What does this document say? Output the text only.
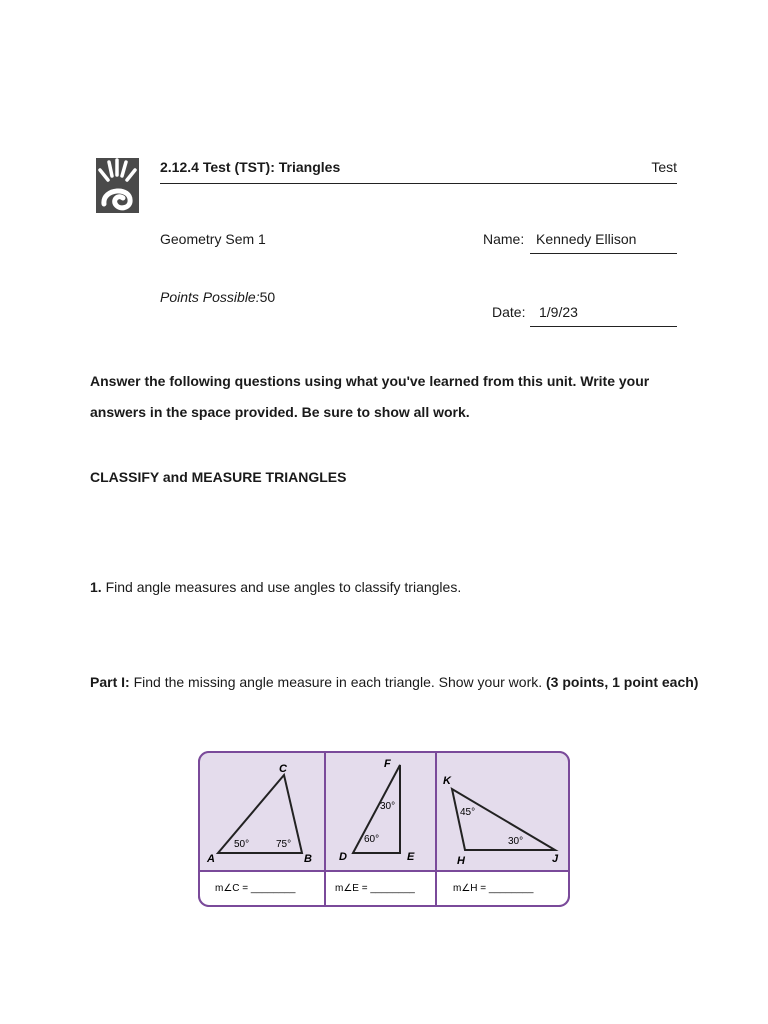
2.12.4 Test (TST): Triangles	Test
Geometry Sem 1	Name: Kennedy Ellison
Points Possible:50
Date: 1/9/23
Answer the following questions using what you've learned from this unit. Write your answers in the space provided. Be sure to show all work.
CLASSIFY and MEASURE TRIANGLES
1. Find angle measures and use angles to classify triangles.
Part I: Find the missing angle measure in each triangle. Show your work. (3 points, 1 point each)
C
A	B
50°	75°
m∠C = ________
F
D	E
30°
60°
m∠E = ________
K
H	J
45°
30°
m∠H = ________
